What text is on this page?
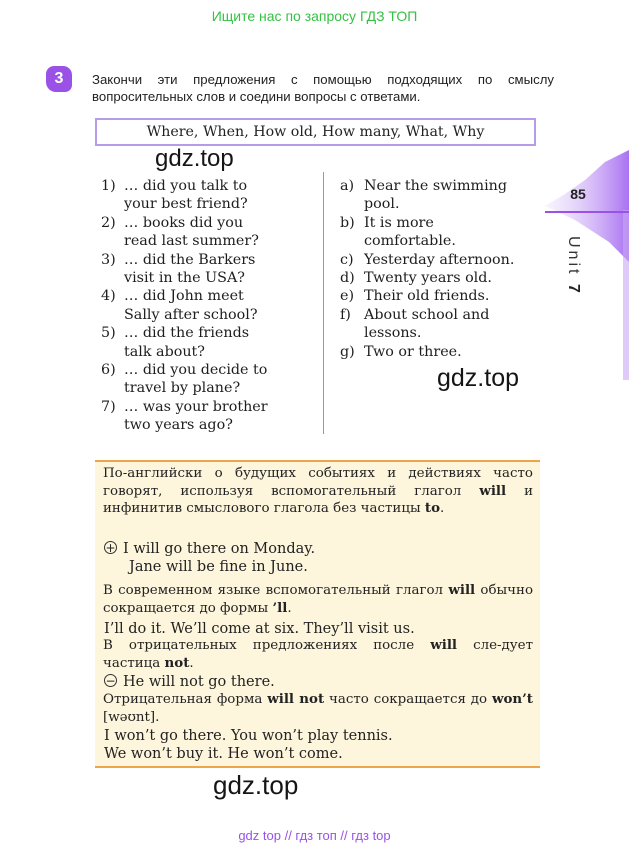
Ищите нас по запросу ГДЗ ТОП
3	Закончи эти предложения с помощью подходящих по смыслу вопросительных слов и соедини вопросы с ответами.
Where, When, How old, How many, What, Why
gdz.top
gdz.top
gdz.top
1) … did you talk to
your best friend?
2) … books did you
read last summer?
3) … did the Barkers
visit in the USA?
4) … did John meet
Sally after school?
5) … did the friends
talk about?
6) … did you decide to
travel by plane?
7) … was your brother
two years ago?
a) Near the swimming
pool.
b) It is more
comfortable.
c) Yesterday afternoon.
d) Twenty years old.
e) Their old friends.
f) About school and
lessons.
g) Two or three.
85
Unit 7
По-английски о будущих событиях и действиях часто говорят, используя вспомогательный глагол will и инфинитив смыслового глагола без частицы to.
+ I will go there on Monday.
Jane will be fine in June.
В современном языке вспомогательный глагол will обычно сокращается до формы ’ll.
I’ll do it. We’ll come at six. They’ll visit us.
В отрицательных предложениях после will сле-дует частица not.
− He will not go there.
Отрицательная форма will not часто сокращается до won’t [wəʊnt].
I won’t go there. You won’t play tennis.
We won’t buy it. He won’t come.
gdz top // гдз топ // гдз top
